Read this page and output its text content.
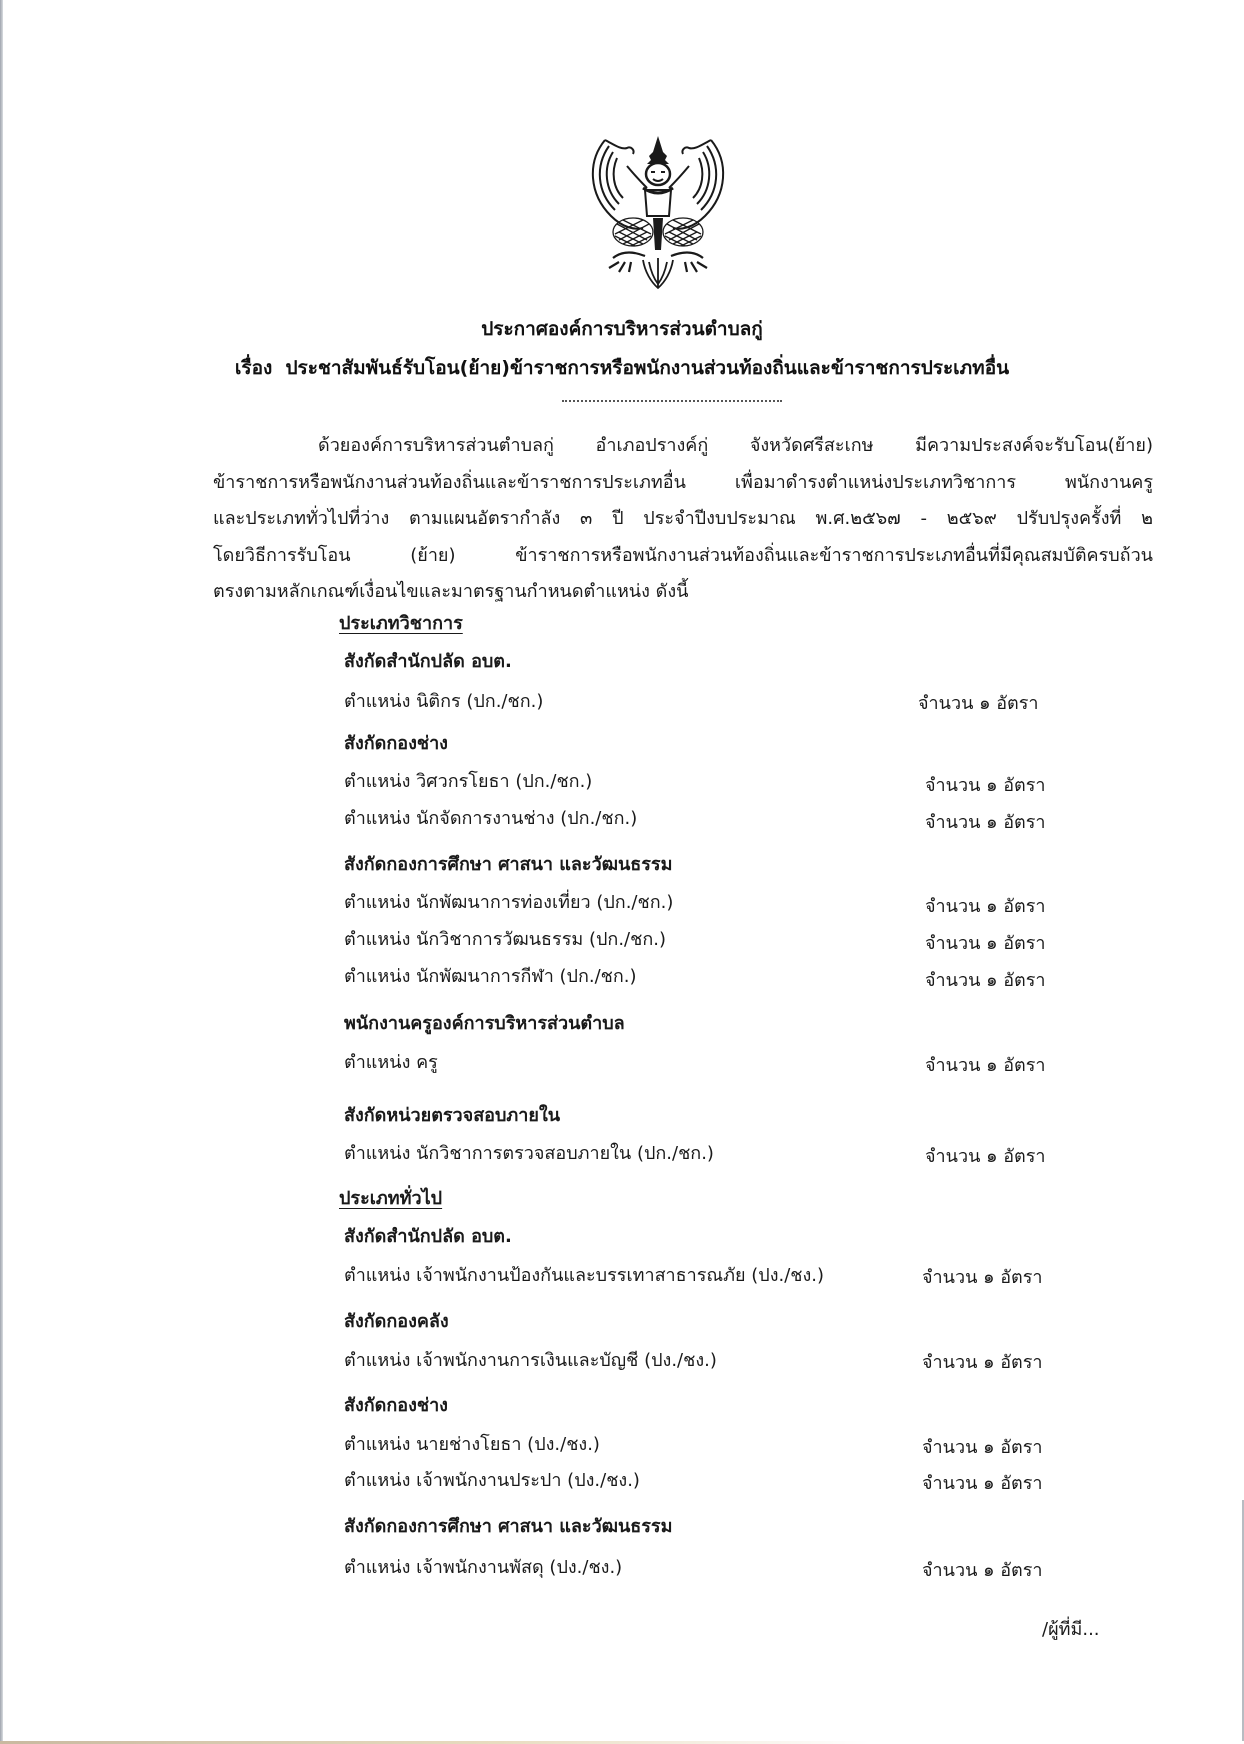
ประกาศองค์การบริหารส่วนตำบลกู่
เรื่อง ประชาสัมพันธ์รับโอน(ย้าย)ข้าราชการหรือพนักงานส่วนท้องถิ่นและข้าราชการประเภทอื่น
ด้วยองค์การบริหารส่วนตำบลกู่ อำเภอปรางค์กู่ จังหวัดศรีสะเกษ มีความประสงค์จะรับโอน(ย้าย)
ข้าราชการหรือพนักงานส่วนท้องถิ่นและข้าราชการประเภทอื่น เพื่อมาดำรงตำแหน่งประเภทวิชาการ พนักงานครู
และประเภททั่วไปที่ว่าง ตามแผนอัตรากำลัง ๓ ปี ประจำปีงบประมาณ พ.ศ.๒๕๖๗ - ๒๕๖๙ ปรับปรุงครั้งที่ ๒
โดยวิธีการรับโอน (ย้าย) ข้าราชการหรือพนักงานส่วนท้องถิ่นและข้าราชการประเภทอื่นที่มีคุณสมบัติครบถ้วน
ตรงตามหลักเกณฑ์เงื่อนไขและมาตรฐานกำหนดตำแหน่ง ดังนี้
ประเภทวิชาการ
สังกัดสำนักปลัด อบต.
ตำแหน่ง นิติกร (ปก./ชก.)	จำนวน ๑ อัตรา
สังกัดกองช่าง
ตำแหน่ง วิศวกรโยธา (ปก./ชก.)	จำนวน ๑ อัตรา
ตำแหน่ง นักจัดการงานช่าง (ปก./ชก.)	จำนวน ๑ อัตรา
สังกัดกองการศึกษา ศาสนา และวัฒนธรรม
ตำแหน่ง นักพัฒนาการท่องเที่ยว (ปก./ชก.)	จำนวน ๑ อัตรา
ตำแหน่ง นักวิชาการวัฒนธรรม (ปก./ชก.)	จำนวน ๑ อัตรา
ตำแหน่ง นักพัฒนาการกีฬา (ปก./ชก.)	จำนวน ๑ อัตรา
พนักงานครูองค์การบริหารส่วนตำบล
ตำแหน่ง ครู	จำนวน ๑ อัตรา
สังกัดหน่วยตรวจสอบภายใน
ตำแหน่ง นักวิชาการตรวจสอบภายใน (ปก./ชก.)	จำนวน ๑ อัตรา
ประเภททั่วไป
สังกัดสำนักปลัด อบต.
ตำแหน่ง เจ้าพนักงานป้องกันและบรรเทาสาธารณภัย (ปง./ชง.)	จำนวน ๑ อัตรา
สังกัดกองคลัง
ตำแหน่ง เจ้าพนักงานการเงินและบัญชี (ปง./ชง.)	จำนวน ๑ อัตรา
สังกัดกองช่าง
ตำแหน่ง นายช่างโยธา (ปง./ชง.)	จำนวน ๑ อัตรา
ตำแหน่ง เจ้าพนักงานประปา (ปง./ชง.)	จำนวน ๑ อัตรา
สังกัดกองการศึกษา ศาสนา และวัฒนธรรม
ตำแหน่ง เจ้าพนักงานพัสดุ (ปง./ชง.)	จำนวน ๑ อัตรา
/ผู้ที่มี...
